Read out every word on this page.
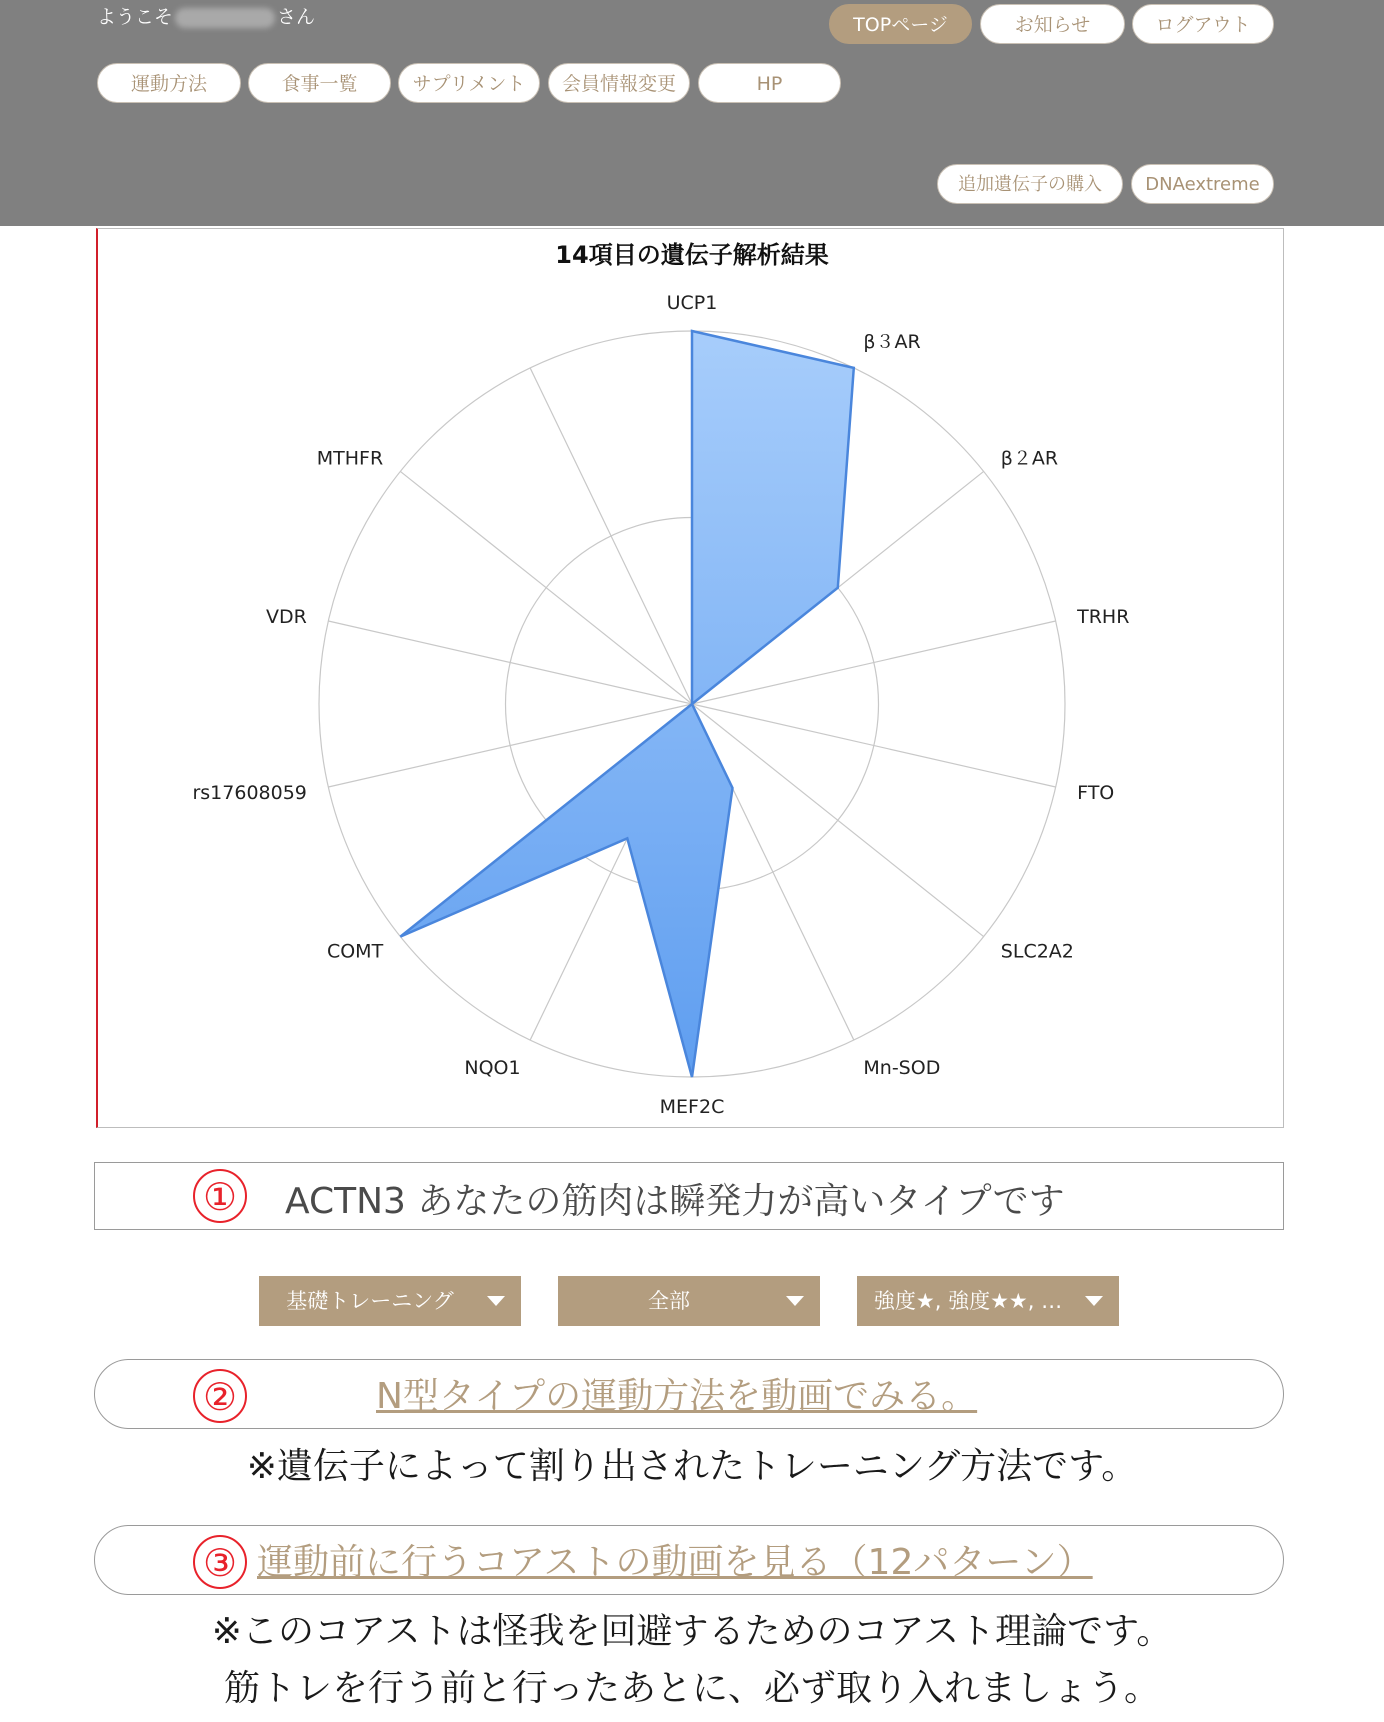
ようこそ	さん	TOPページ	お知らせ	ログアウト
運動方法	食事一覧	サプリメント	会員情報変更	HP
追加遺伝子の購入	DNAextreme
14項目の遺伝子解析結果
UCP1
β３AR
β２AR
TRHR
FTO
SLC2A2
Mn-SOD
MEF2C
NQO1
COMT
rs17608059
VDR
MTHFR
① ACTN3 あなたの筋肉は瞬発力が高いタイプです
基礎トレーニング	全部	強度★, 強度★★, …
②	N型タイプの運動方法を動画でみる。
※遺伝子によって割り出されたトレーニング方法です。
③ 運動前に行うコアストの動画を見る（12パターン）
※このコアストは怪我を回避するためのコアスト理論です。
筋トレを行う前と行ったあとに、必ず取り入れましょう。
